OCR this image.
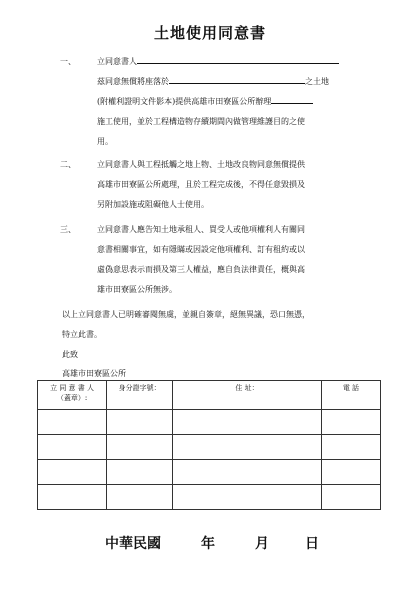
土地使用同意書
一、	立同意書人
茲同意無償將座落於	之土地
(附權利證明文件影本)提供高雄市田寮區公所辦理
施工使用，並於工程構造物存續期間內做管理維護目的之使
用。
二、	立同意書人與工程抵觸之地上物、土地改良物同意無償提供
高雄市田寮區公所處理，且於工程完成後，不得任意毀損及
另附加設施或阻礙他人士使用。
三、	立同意書人應告知土地承租人、買受人或他項權利人有關同
意書相關事宜，如有隱瞞或因設定他項權利、訂有租約或以
虛偽意思表示而損及第三人權益，應自負法律責任，概與高
雄市田寮區公所無涉。
以上立同意書人已明確審閱無虞，並親自簽章，絕無異議，恐口無憑，
特立此書。
此致
高雄市田寮區公所
立 同 意 書 人
（蓋章）:	身分證字號：	住 址：	電 話

中華民國	年	月	日
